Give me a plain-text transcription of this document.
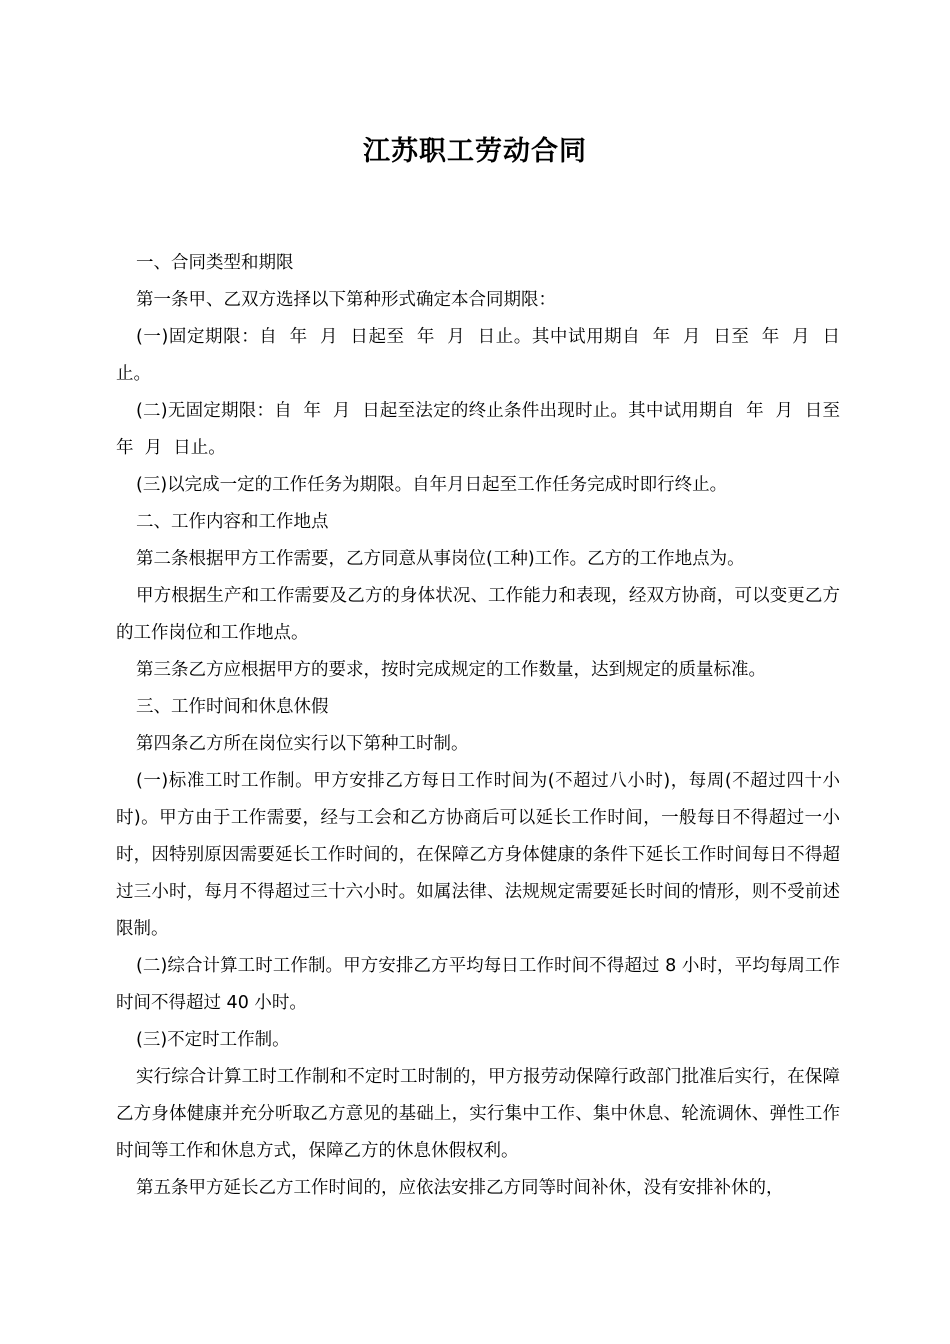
江苏职工劳动合同

一、合同类型和期限

第一条甲、乙双方选择以下第种形式确定本合同期限：

(一)固定期限：自  年  月  日起至  年  月  日止。其中试用期自  年  月  日至  年  月  日止。

(二)无固定期限：自  年  月  日起至法定的终止条件出现时止。其中试用期自  年  月  日至  年  月  日止。

(三)以完成一定的工作任务为期限。自年月日起至工作任务完成时即行终止。

二、工作内容和工作地点

第二条根据甲方工作需要，乙方同意从事岗位(工种)工作。乙方的工作地点为。

甲方根据生产和工作需要及乙方的身体状况、工作能力和表现，经双方协商，可以变更乙方的工作岗位和工作地点。

第三条乙方应根据甲方的要求，按时完成规定的工作数量，达到规定的质量标准。

三、工作时间和休息休假

第四条乙方所在岗位实行以下第种工时制。

(一)标准工时工作制。甲方安排乙方每日工作时间为(不超过八小时)，每周(不超过四十小时)。甲方由于工作需要，经与工会和乙方协商后可以延长工作时间，一般每日不得超过一小时，因特别原因需要延长工作时间的，在保障乙方身体健康的条件下延长工作时间每日不得超过三小时，每月不得超过三十六小时。如属法律、法规规定需要延长时间的情形，则不受前述限制。

(二)综合计算工时工作制。甲方安排乙方平均每日工作时间不得超过 8 小时，平均每周工作时间不得超过 40 小时。

(三)不定时工作制。

实行综合计算工时工作制和不定时工时制的，甲方报劳动保障行政部门批准后实行，在保障乙方身体健康并充分听取乙方意见的基础上，实行集中工作、集中休息、轮流调休、弹性工作时间等工作和休息方式，保障乙方的休息休假权利。

第五条甲方延长乙方工作时间的，应依法安排乙方同等时间补休，没有安排补休的，
